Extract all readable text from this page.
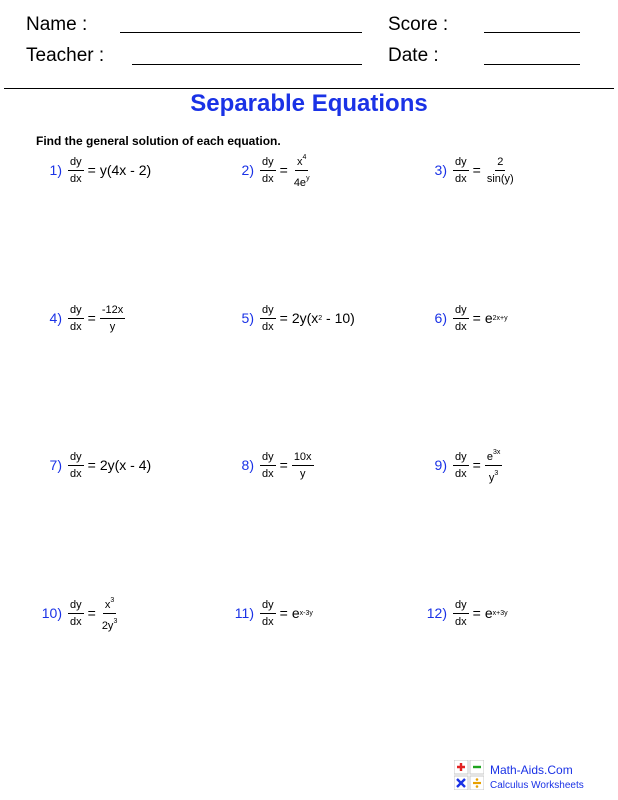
Name :	Score :
Teacher :	Date :
Separable Equations
Find the general solution of each equation.
$1) \frac{dy}{dx} = y(4x - 2)$	$2) \frac{dy}{dx} = \frac{x^4}{4e^y}$	$3) \frac{dy}{dx} = \frac{2}{\sin(y)}$
$4) \frac{dy}{dx} = \frac{-12x}{y}$	$5) \frac{dy}{dx} = 2y(x$ 2 - 10)	$6) \frac{dy}{dx} = e$ 2x+y
$7) \frac{dy}{dx} = 2y(x - 4)$	$8) \frac{dy}{dx} = \frac{10x}{y}$	$9) \frac{dy}{dx} = \frac{e^{3x}}{y^3}$
$10) \frac{dy}{dx} = \frac{x^3}{2y^3}$	$11) \frac{dy}{dx} = e$ x-3y	$12) \frac{dy}{dx} = e$ x+3y
Math-Aids.Com
Calculus Worksheets
